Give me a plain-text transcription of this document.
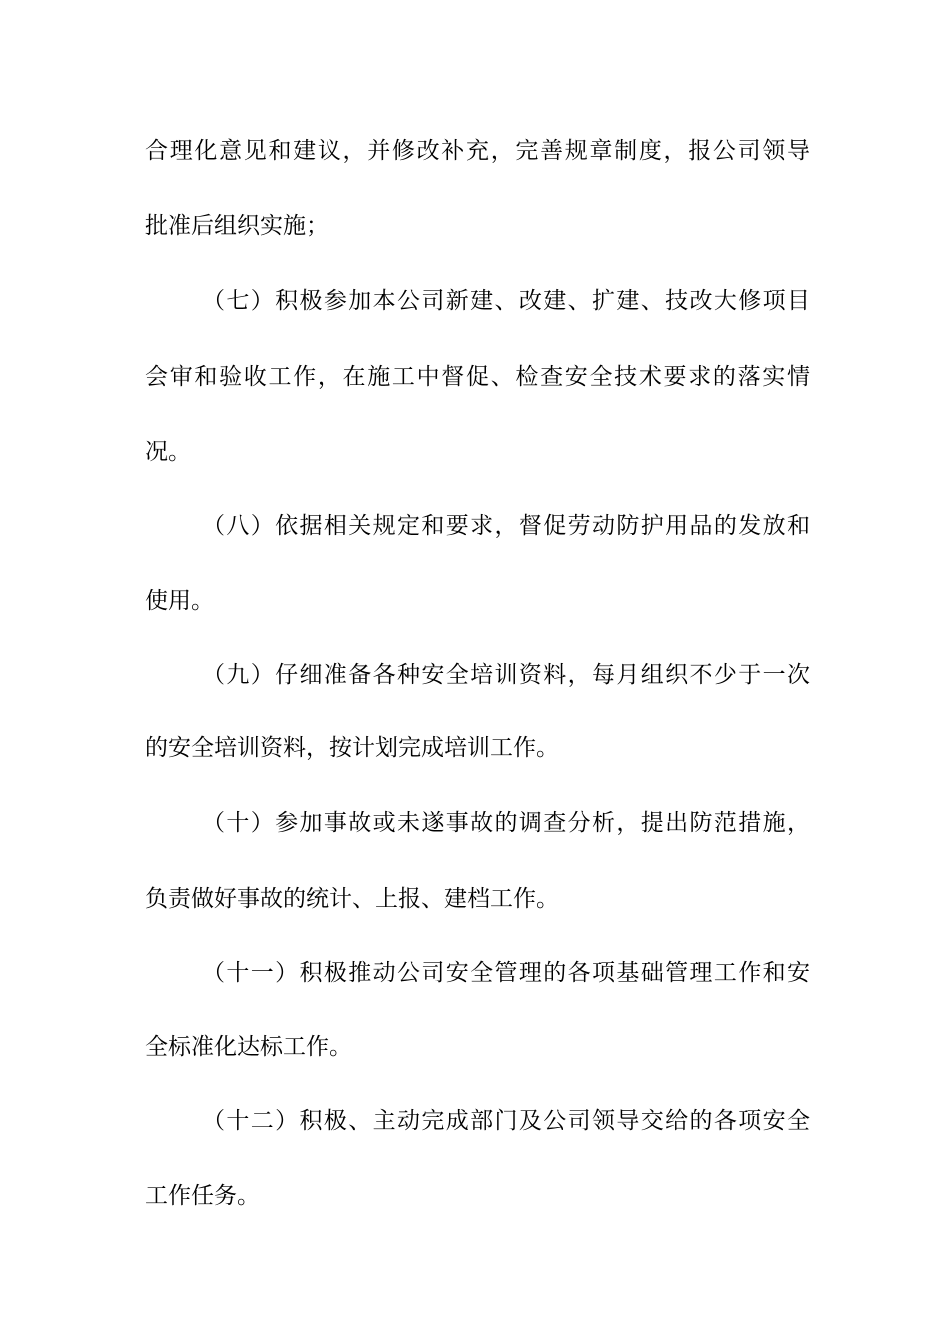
合理化意见和建议，并修改补充，完善规章制度，报公司领导
批准后组织实施；
（七）积极参加本公司新建、改建、扩建、技改大修项目
会审和验收工作，在施工中督促、检查安全技术要求的落实情
况。
（八）依据相关规定和要求，督促劳动防护用品的发放和
使用。
（九）仔细准备各种安全培训资料，每月组织不少于一次
的安全培训资料，按计划完成培训工作。
（十）参加事故或未遂事故的调查分析，提出防范措施，
负责做好事故的统计、上报、建档工作。
（十一）积极推动公司安全管理的各项基础管理工作和安
全标准化达标工作。
（十二）积极、主动完成部门及公司领导交给的各项安全
工作任务。
